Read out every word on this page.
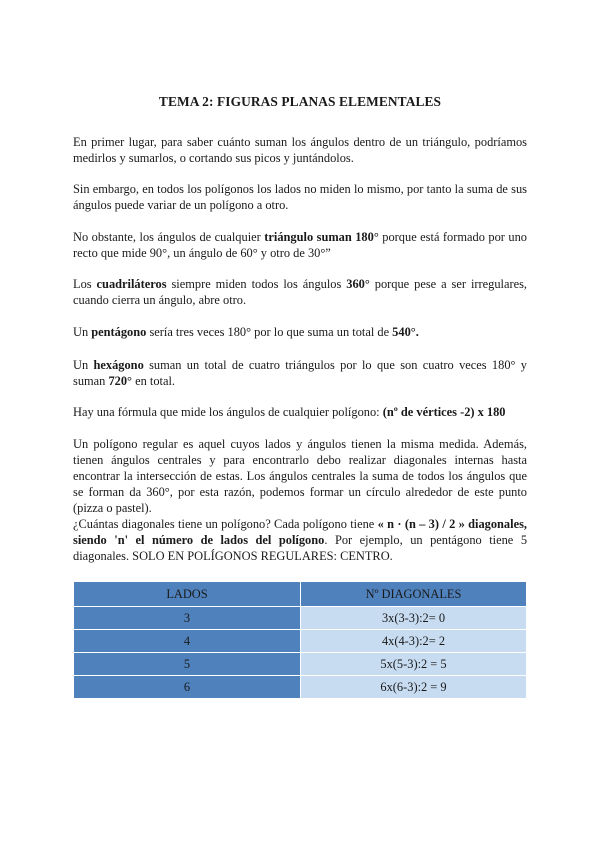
TEMA 2: FIGURAS PLANAS ELEMENTALES

En primer lugar, para saber cuánto suman los ángulos dentro de un triángulo, podríamos medirlos y sumarlos, o cortando sus picos y juntándolos.

Sin embargo, en todos los polígonos los lados no miden lo mismo, por tanto la suma de sus ángulos puede variar de un polígono a otro.

No obstante, los ángulos de cualquier triángulo suman 180° porque está formado por uno recto que mide 90°, un ángulo de 60° y otro de 30°”

Los cuadriláteros siempre miden todos los ángulos 360° porque pese a ser irregulares, cuando cierra un ángulo, abre otro.

Un pentágono sería tres veces 180° por lo que suma un total de 540°.

Un hexágono suman un total de cuatro triángulos por lo que son cuatro veces 180° y suman 720° en total.

Hay una fórmula que mide los ángulos de cualquier polígono: (nº de vértices -2) x 180

Un polígono regular es aquel cuyos lados y ángulos tienen la misma medida. Además, tienen ángulos centrales y para encontrarlo debo realizar diagonales internas hasta encontrar la intersección de estas. Los ángulos centrales la suma de todos los ángulos que se forman da 360°, por esta razón, podemos formar un círculo alrededor de este punto (pizza o pastel).

¿Cuántas diagonales tiene un polígono? Cada polígono tiene « n · (n – 3) / 2 » diagonales, siendo 'n' el número de lados del polígono. Por ejemplo, un pentágono tiene 5 diagonales. SOLO EN POLÍGONOS REGULARES: CENTRO.

LADOS	Nº DIAGONALES
3	3x(3-3):2= 0
4	4x(4-3):2= 2
5	5x(5-3):2 = 5
6	6x(6-3):2 = 9
